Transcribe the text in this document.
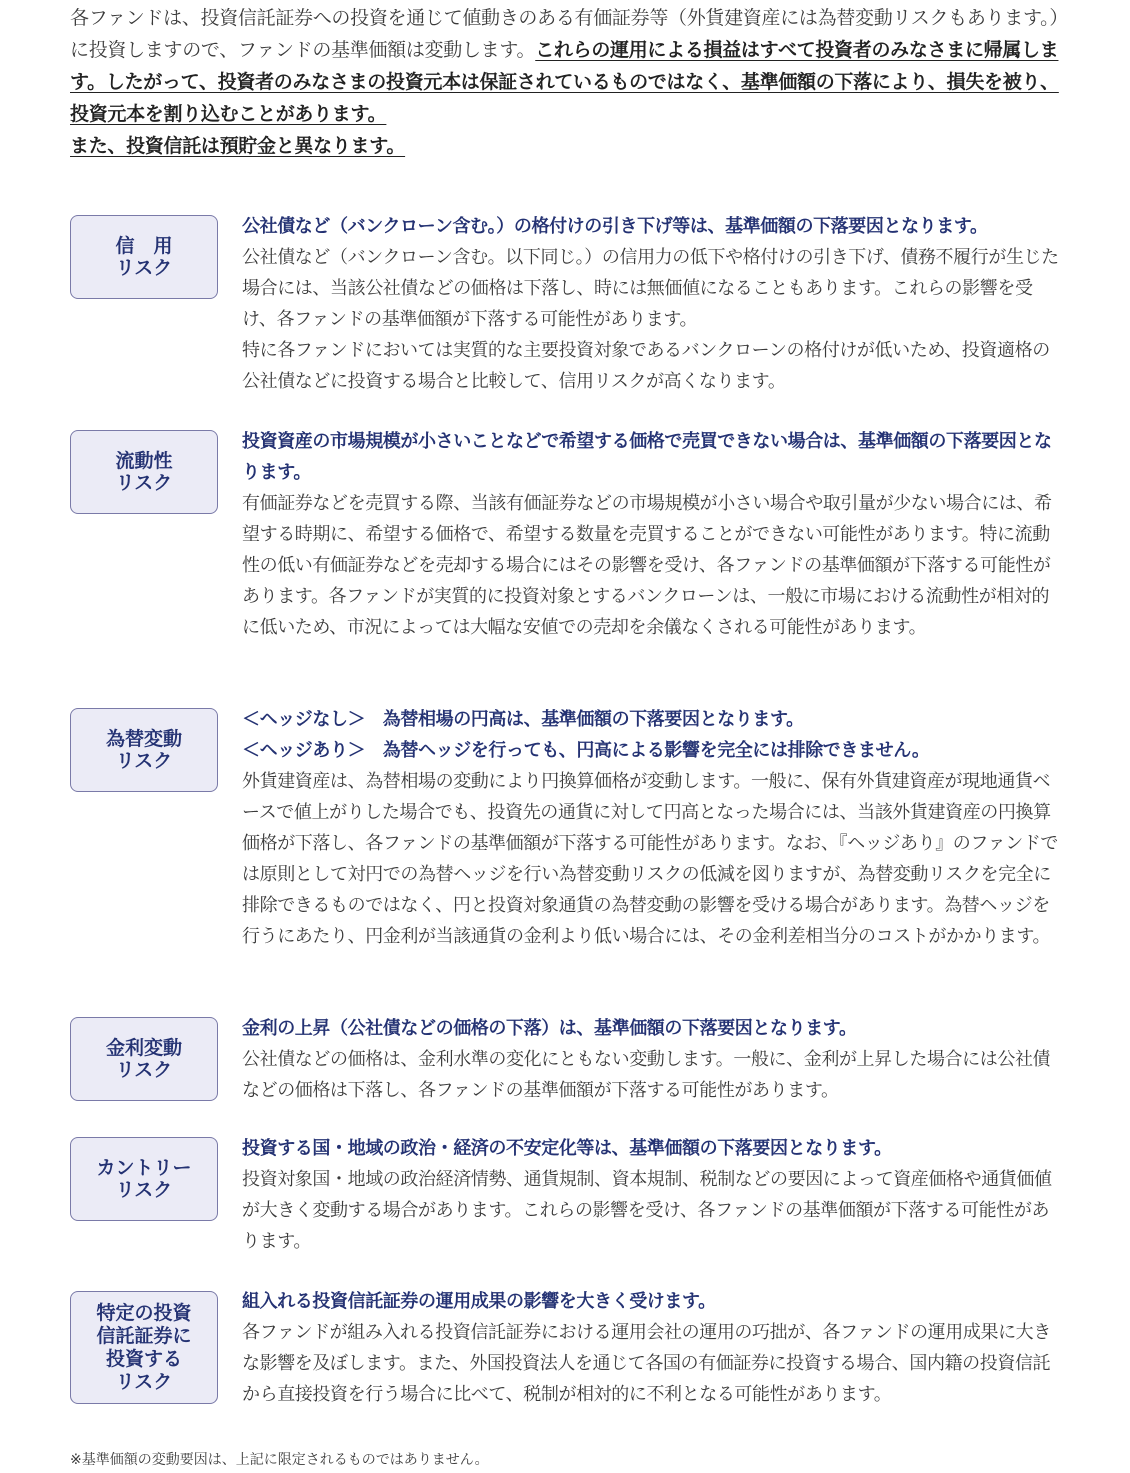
各ファンドは、投資信託証券への投資を通じて値動きのある有価証券等（外貨建資産には為替変動リスクもあります。）に投資しますので、ファンドの基準価額は変動します。これらの運用による損益はすべて投資者のみなさまに帰属します。したがって、投資者のみなさまの投資元本は保証されているものではなく、基準価額の下落により、損失を被り、投資元本を割り込むことがあります。
また、投資信託は預貯金と異なります。
信　用
リスク
公社債など（バンクローン含む。）の格付けの引き下げ等は、基準価額の下落要因となります。
公社債など（バンクローン含む。以下同じ。）の信用力の低下や格付けの引き下げ、債務不履行が生じた場合には、当該公社債などの価格は下落し、時には無価値になることもあります。これらの影響を受け、各ファンドの基準価額が下落する可能性があります。
特に各ファンドにおいては実質的な主要投資対象であるバンクローンの格付けが低いため、投資適格の公社債などに投資する場合と比較して、信用リスクが高くなります。
流動性
リスク
投資資産の市場規模が小さいことなどで希望する価格で売買できない場合は、基準価額の下落要因となります。
有価証券などを売買する際、当該有価証券などの市場規模が小さい場合や取引量が少ない場合には、希望する時期に、希望する価格で、希望する数量を売買することができない可能性があります。特に流動性の低い有価証券などを売却する場合にはその影響を受け、各ファンドの基準価額が下落する可能性があります。各ファンドが実質的に投資対象とするバンクローンは、一般に市場における流動性が相対的に低いため、市況によっては大幅な安値での売却を余儀なくされる可能性があります。
為替変動
リスク
＜ヘッジなし＞　為替相場の円高は、基準価額の下落要因となります。
＜ヘッジあり＞　為替ヘッジを行っても、円高による影響を完全には排除できません。
外貨建資産は、為替相場の変動により円換算価格が変動します。一般に、保有外貨建資産が現地通貨ベースで値上がりした場合でも、投資先の通貨に対して円高となった場合には、当該外貨建資産の円換算価格が下落し、各ファンドの基準価額が下落する可能性があります。なお、『ヘッジあり』のファンドでは原則として対円での為替ヘッジを行い為替変動リスクの低減を図りますが、為替変動リスクを完全に排除できるものではなく、円と投資対象通貨の為替変動の影響を受ける場合があります。為替ヘッジを行うにあたり、円金利が当該通貨の金利より低い場合には、その金利差相当分のコストがかかります。
金利変動
リスク
金利の上昇（公社債などの価格の下落）は、基準価額の下落要因となります。
公社債などの価格は、金利水準の変化にともない変動します。一般に、金利が上昇した場合には公社債などの価格は下落し、各ファンドの基準価額が下落する可能性があります。
カントリー
リスク
投資する国・地域の政治・経済の不安定化等は、基準価額の下落要因となります。
投資対象国・地域の政治経済情勢、通貨規制、資本規制、税制などの要因によって資産価格や通貨価値が大きく変動する場合があります。これらの影響を受け、各ファンドの基準価額が下落する可能性があります。
特定の投資
信託証券に
投資する
リスク
組入れる投資信託証券の運用成果の影響を大きく受けます。
各ファンドが組み入れる投資信託証券における運用会社の運用の巧拙が、各ファンドの運用成果に大きな影響を及ぼします。また、外国投資法人を通じて各国の有価証券に投資する場合、国内籍の投資信託から直接投資を行う場合に比べて、税制が相対的に不利となる可能性があります。
※基準価額の変動要因は、上記に限定されるものではありません。
